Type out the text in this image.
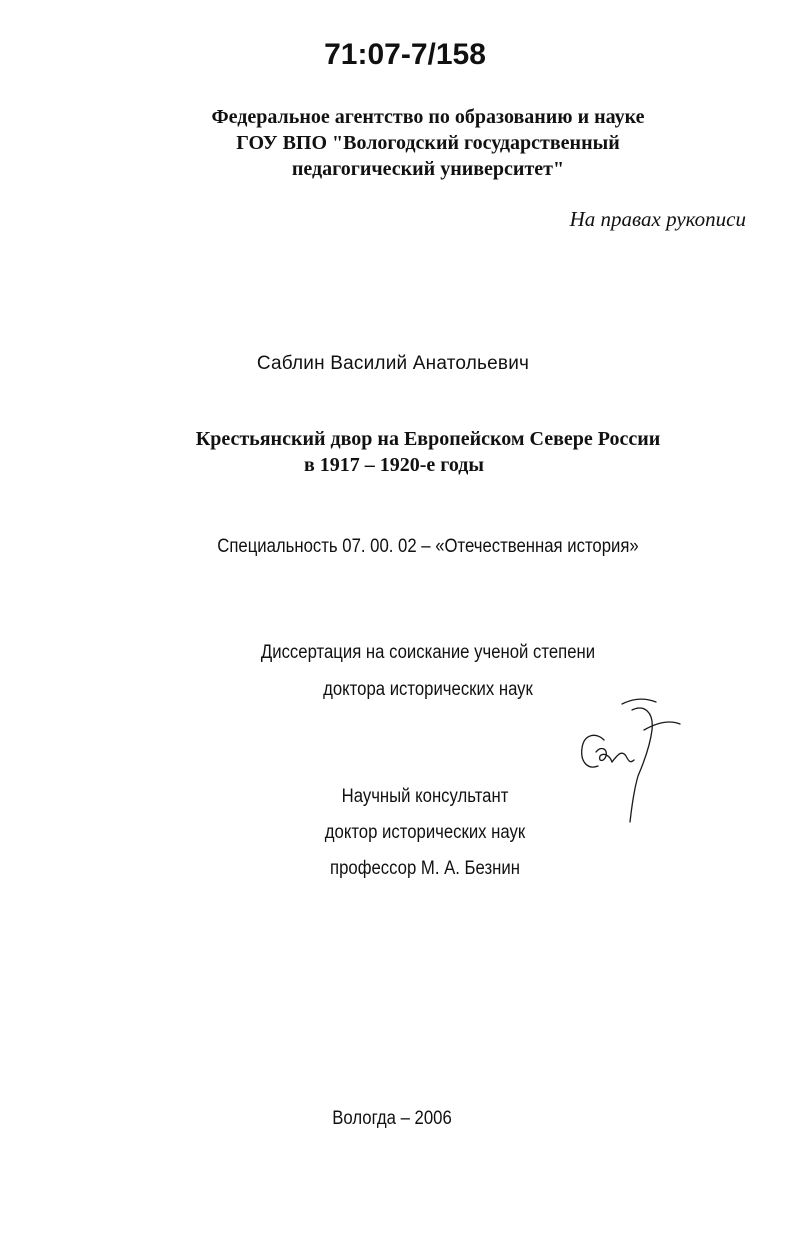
71:07-7/158
Федеральное агентство по образованию и науке
ГОУ ВПО "Вологодский государственный
педагогический университет"
На правах рукописи
Саблин Василий Анатольевич
Крестьянский двор на Европейском Севере России
в 1917 – 1920-е годы
Специальность 07. 00. 02 – «Отечественная история»
Диссертация на соискание ученой степени
доктора исторических наук
Научный консультант
доктор исторических наук
профессор М. А. Безнин
Вологда – 2006
